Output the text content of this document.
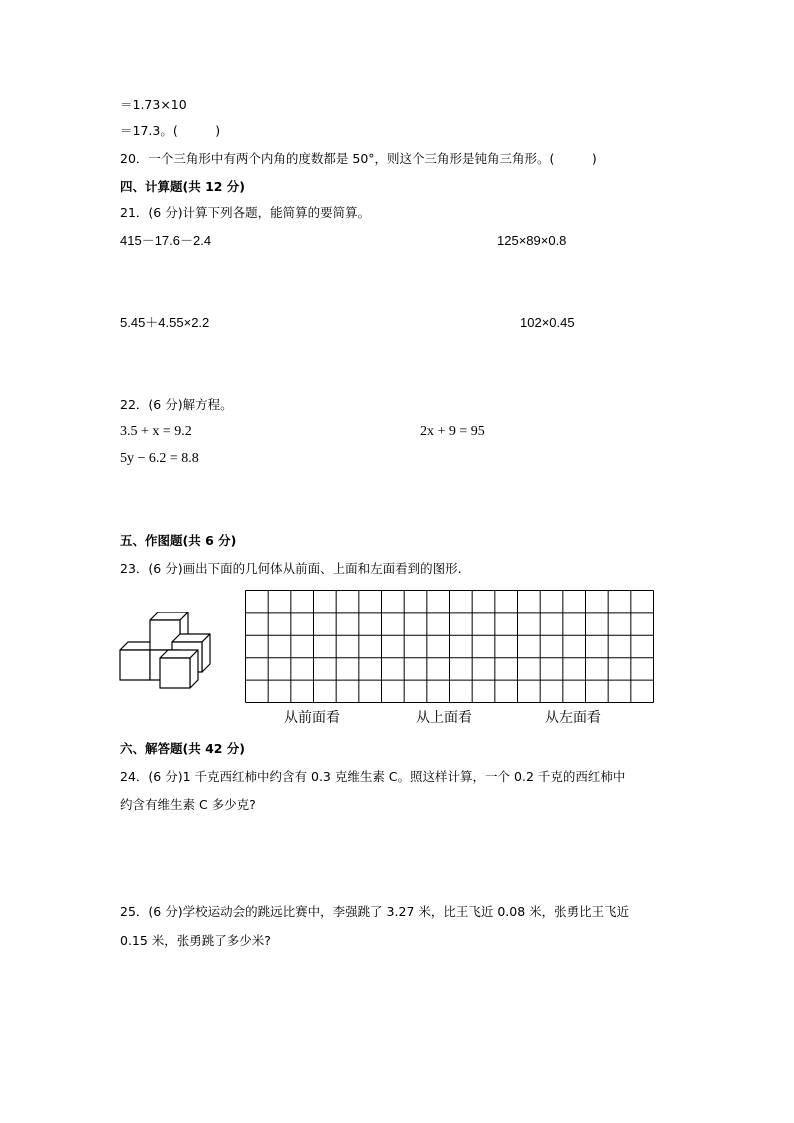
＝1.73×10
＝17.3。(　　　)
20．一个三角形中有两个内角的度数都是 50°，则这个三角形是钝角三角形。(　　　)
四、计算题(共 12 分)
21．(6 分)计算下列各题，能简算的要简算。
415－17.6－2.4	125×89×0.8
5.45＋4.55×2.2	102×0.45
22．(6 分)解方程。
3.5 + x = 9.2	2x + 9 = 95
5y − 6.2 = 8.8
五、作图题(共 6 分)
23．(6 分)画出下面的几何体从前面、上面和左面看到的图形.
从前面看	从上面看	从左面看
六、解答题(共 42 分)
24．(6 分)1 千克西红柿中约含有 0.3 克维生素 C。照这样计算，一个 0.2 千克的西红柿中
约含有维生素 C 多少克?
25．(6 分)学校运动会的跳远比赛中，李强跳了 3.27 米，比王飞近 0.08 米，张勇比王飞近
0.15 米，张勇跳了多少米?
